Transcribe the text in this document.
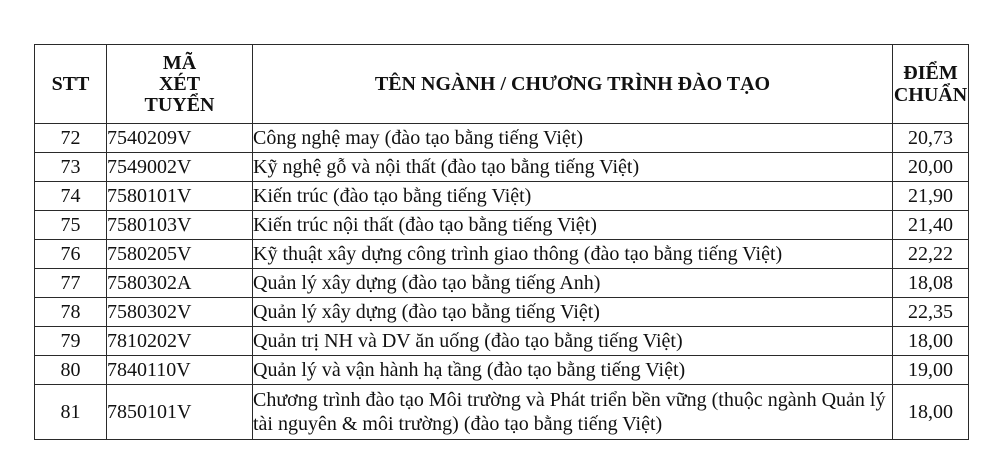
STT	MÃ
XÉT
TUYỂN	TÊN NGÀNH / CHƯƠNG TRÌNH ĐÀO TẠO	ĐIỂM
CHUẨN

72	7540209V	Công nghệ may (đào tạo bằng tiếng Việt)	20,73
73	7549002V	Kỹ nghệ gỗ và nội thất (đào tạo bằng tiếng Việt)	20,00
74	7580101V	Kiến trúc (đào tạo bằng tiếng Việt)	21,90
75	7580103V	Kiến trúc nội thất (đào tạo bằng tiếng Việt)	21,40
76	7580205V	Kỹ thuật xây dựng công trình giao thông (đào tạo bằng tiếng Việt)	22,22
77	7580302A	Quản lý xây dựng (đào tạo bằng tiếng Anh)	18,08
78	7580302V	Quản lý xây dựng (đào tạo bằng tiếng Việt)	22,35
79	7810202V	Quản trị NH và DV ăn uống (đào tạo bằng tiếng Việt)	18,00
80	7840110V	Quản lý và vận hành hạ tầng (đào tạo bằng tiếng Việt)	19,00
81	7850101V	Chương trình đào tạo Môi trường và Phát triển bền vững (thuộc ngành Quản lý tài nguyên & môi trường) (đào tạo bằng tiếng Việt)	18,00
